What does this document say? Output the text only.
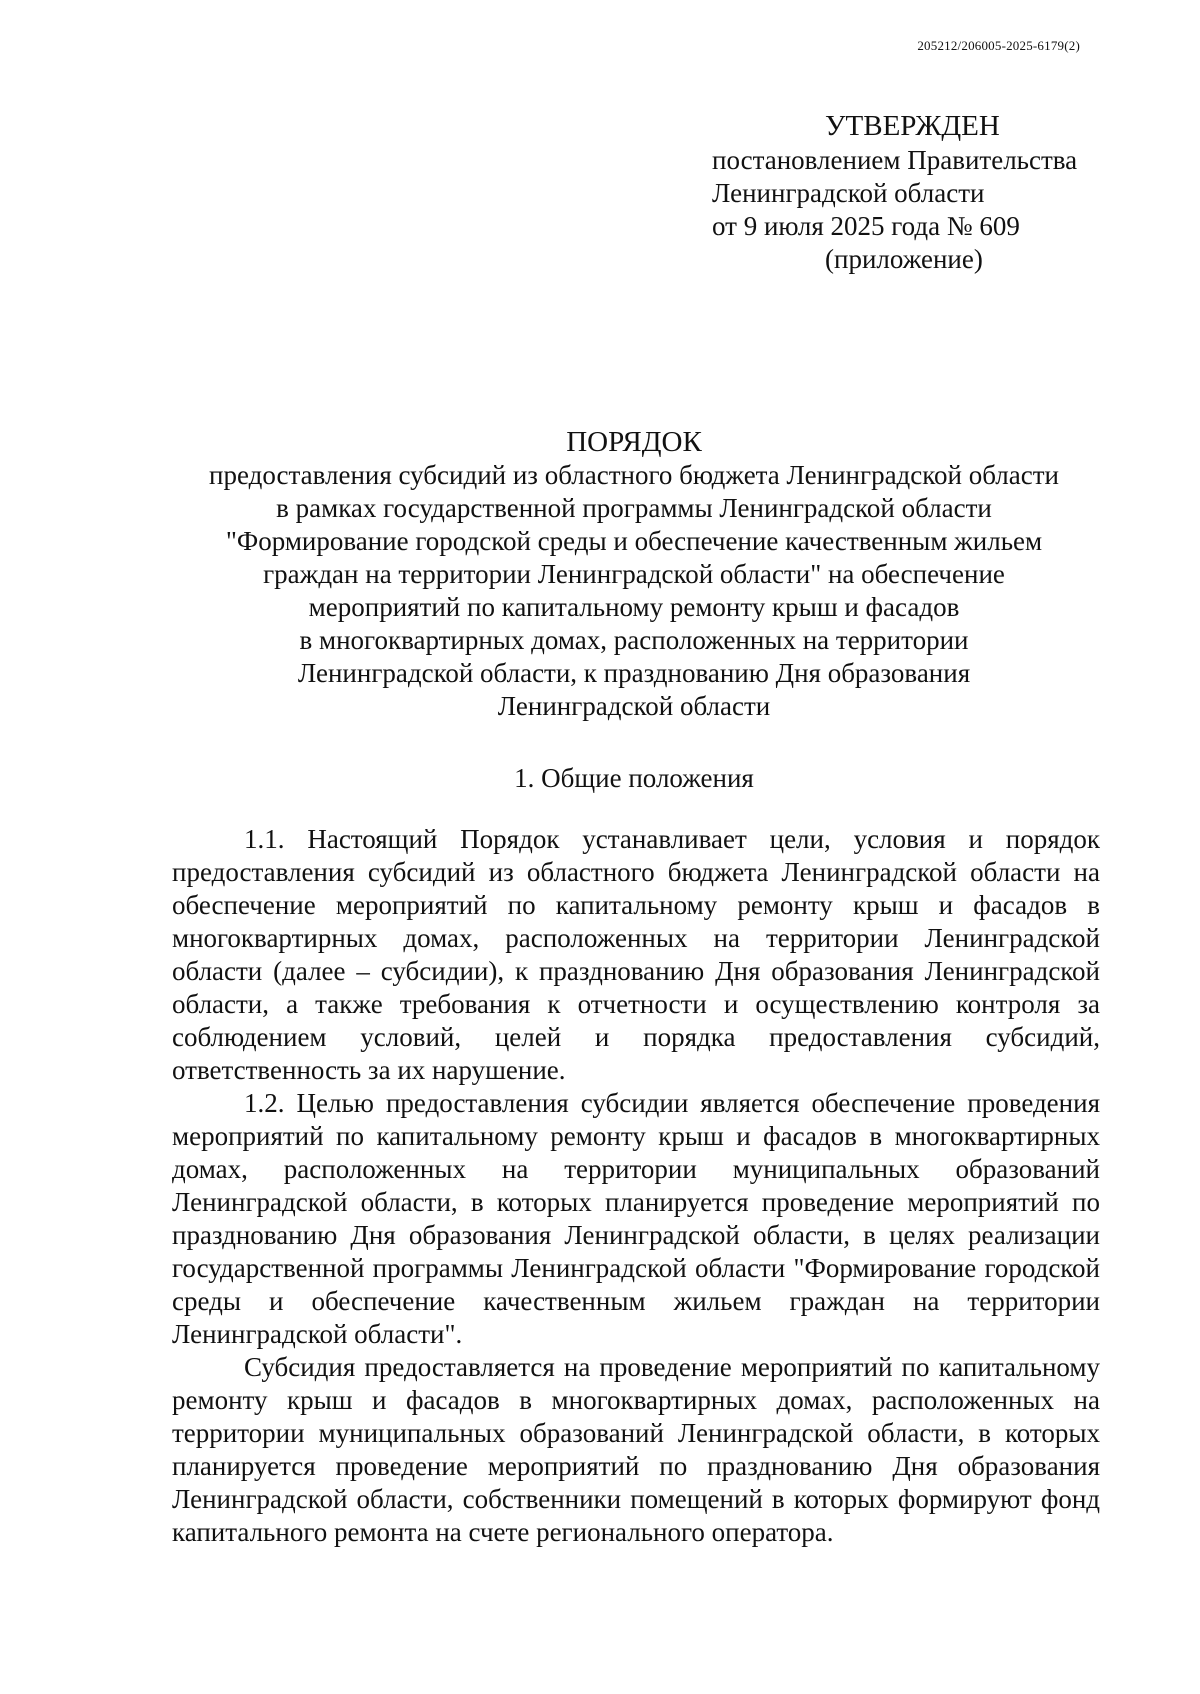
205212/206005-2025-6179(2)
УТВЕРЖДЕН
постановлением Правительства
Ленинградской области
от 9 июля 2025 года № 609
(приложение)
ПОРЯДОК
предоставления субсидий из областного бюджета Ленинградской области
в рамках государственной программы Ленинградской области
"Формирование городской среды и обеспечение качественным жильем
граждан на территории Ленинградской области" на обеспечение
мероприятий по капитальному ремонту крыш и фасадов
в многоквартирных домах, расположенных на территории
Ленинградской области, к празднованию Дня образования
Ленинградской области
1. Общие положения

1.1. Настоящий Порядок устанавливает цели, условия и порядок предоставления субсидий из областного бюджета Ленинградской области на обеспечение мероприятий по капитальному ремонту крыш и фасадов в многоквартирных домах, расположенных на территории Ленинградской области (далее – субсидии), к празднованию Дня образования Ленинградской области, а также требования к отчетности и осуществлению контроля за соблюдением условий, целей и порядка предоставления субсидий, ответственность за их нарушение.

1.2. Целью предоставления субсидии является обеспечение проведения мероприятий по капитальному ремонту крыш и фасадов в многоквартирных домах, расположенных на территории муниципальных образований Ленинградской области, в которых планируется проведение мероприятий по празднованию Дня образования Ленинградской области, в целях реализации государственной программы Ленинградской области "Формирование городской среды и обеспечение качественным жильем граждан на территории Ленинградской области".

Субсидия предоставляется на проведение мероприятий по капитальному ремонту крыш и фасадов в многоквартирных домах, расположенных на территории муниципальных образований Ленинградской области, в которых планируется проведение мероприятий по празднованию Дня образования Ленинградской области, собственники помещений в которых формируют фонд капитального ремонта на счете регионального оператора.
